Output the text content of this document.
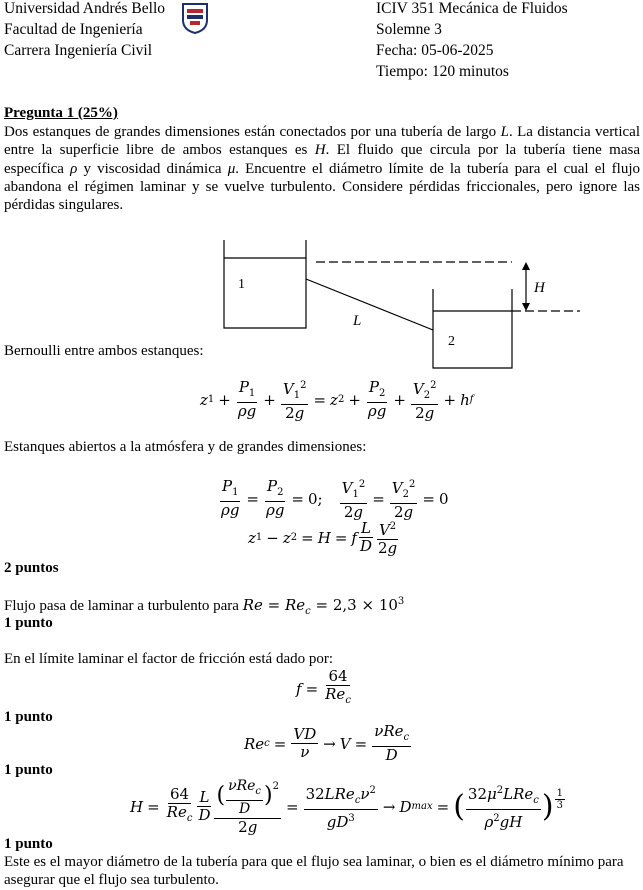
Universidad Andrés Bello
Facultad de Ingeniería
Carrera Ingeniería Civil
ICIV 351 Mecánica de Fluidos
Solemne 3
Fecha: 05-06-2025
Tiempo: 120 minutos
Pregunta 1 (25%)
Dos estanques de grandes dimensiones están conectados por una tubería de largo L. La distancia vertical entre la superficie libre de ambos estanques es H. El fluido que circula por la tubería tiene masa específica ρ y viscosidad dinámica μ. Encuentre el diámetro límite de la tubería para el cual el flujo abandona el régimen laminar y se vuelve turbulento. Considere pérdidas friccionales, pero ignore las pérdidas singulares.
1
2
L
H
Bernoulli entre ambos estanques:
z $1 + \frac{P_1}{\rho g} + \frac{V_1^2}{2g} = z$ $2 + \frac{P_2}{\rho g} + \frac{V_2^2}{2g} + h$ f
Estanques abiertos a la atmósfera y de grandes dimensiones:
$\frac{P_1}{\rho g} = \frac{P_2}{\rho g} = 0$; $\frac{V_1^2}{2g} = \frac{V_2^2}{2g} = 0$
z 1 − z 2 = H = f $\frac{L}{D} \frac{V^2}{2g}$
2 puntos
Flujo pasa de laminar a turbulento para $Re = Re_c = 2,3 \times 10^3$
1 punto
En el límite laminar el factor de fricción está dado por:
$f = \frac{64}{Re_c}$
1 punto
Re $c = \frac{VD}{\nu} \to V = \frac{\nu Re_c}{D}$
1 punto
$H = \frac{64}{Re_c} \frac{L}{D} \frac{( \frac{\nu Re_c}{D} )^2}{2g} = \frac{32LRe_c\nu^2}{gD^3} \to D$ max = ( $\frac{32\mu^2LRe_c}{\rho^2gH}$ ) $\frac{1}{3}$
1 punto
Este es el mayor diámetro de la tubería para que el flujo sea laminar, o bien es el diámetro mínimo para asegurar que el flujo sea turbulento.
